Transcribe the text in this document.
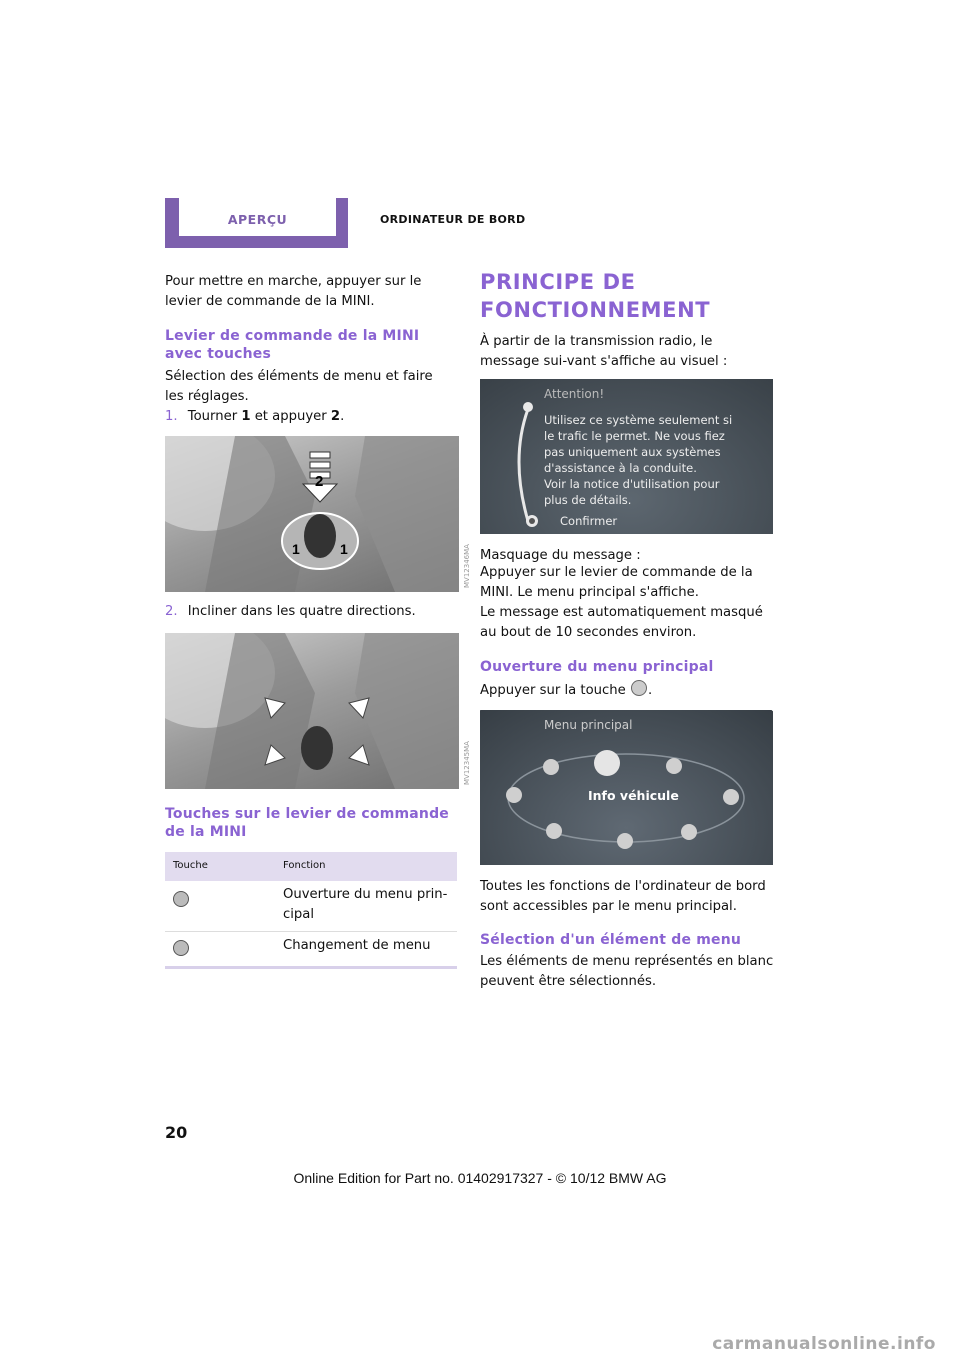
APERÇU	ORDINATEUR DE BORD
Pour mettre en marche, appuyer sur le levier de commande de la MINI.
Levier de commande de la MINI avec touches
Sélection des éléments de menu et faire les réglages.
1. Tourner 1 et appuyer 2.
2
1	1	MV12346MA
2. Incliner dans les quatre directions.
MV12345MA
Touches sur le levier de commande de la MINI
Touche	Fonction
Ouverture du menu prin-cipal
Changement de menu
PRINCIPE DE FONCTIONNEMENT
À partir de la transmission radio, le message sui-vant s'affiche au visuel :
Attention!
Utilisez ce système seulement si
le trafic le permet. Ne vous fiez
pas uniquement aux systèmes
d'assistance à la conduite.
Voir la notice d'utilisation pour
plus de détails.
Confirmer
Masquage du message :
Appuyer sur le levier de commande de la MINI. Le menu principal s'affiche.
Le message est automatiquement masqué au bout de 10 secondes environ.
Ouverture du menu principal
Appuyer sur la touche .
Menu principal
Info véhicule
Toutes les fonctions de l'ordinateur de bord sont accessibles par le menu principal.
Sélection d'un élément de menu
Les éléments de menu représentés en blanc peuvent être sélectionnés.
20
Online Edition for Part no. 01402917327 - © 10/12 BMW AG
carmanualsonline.info
